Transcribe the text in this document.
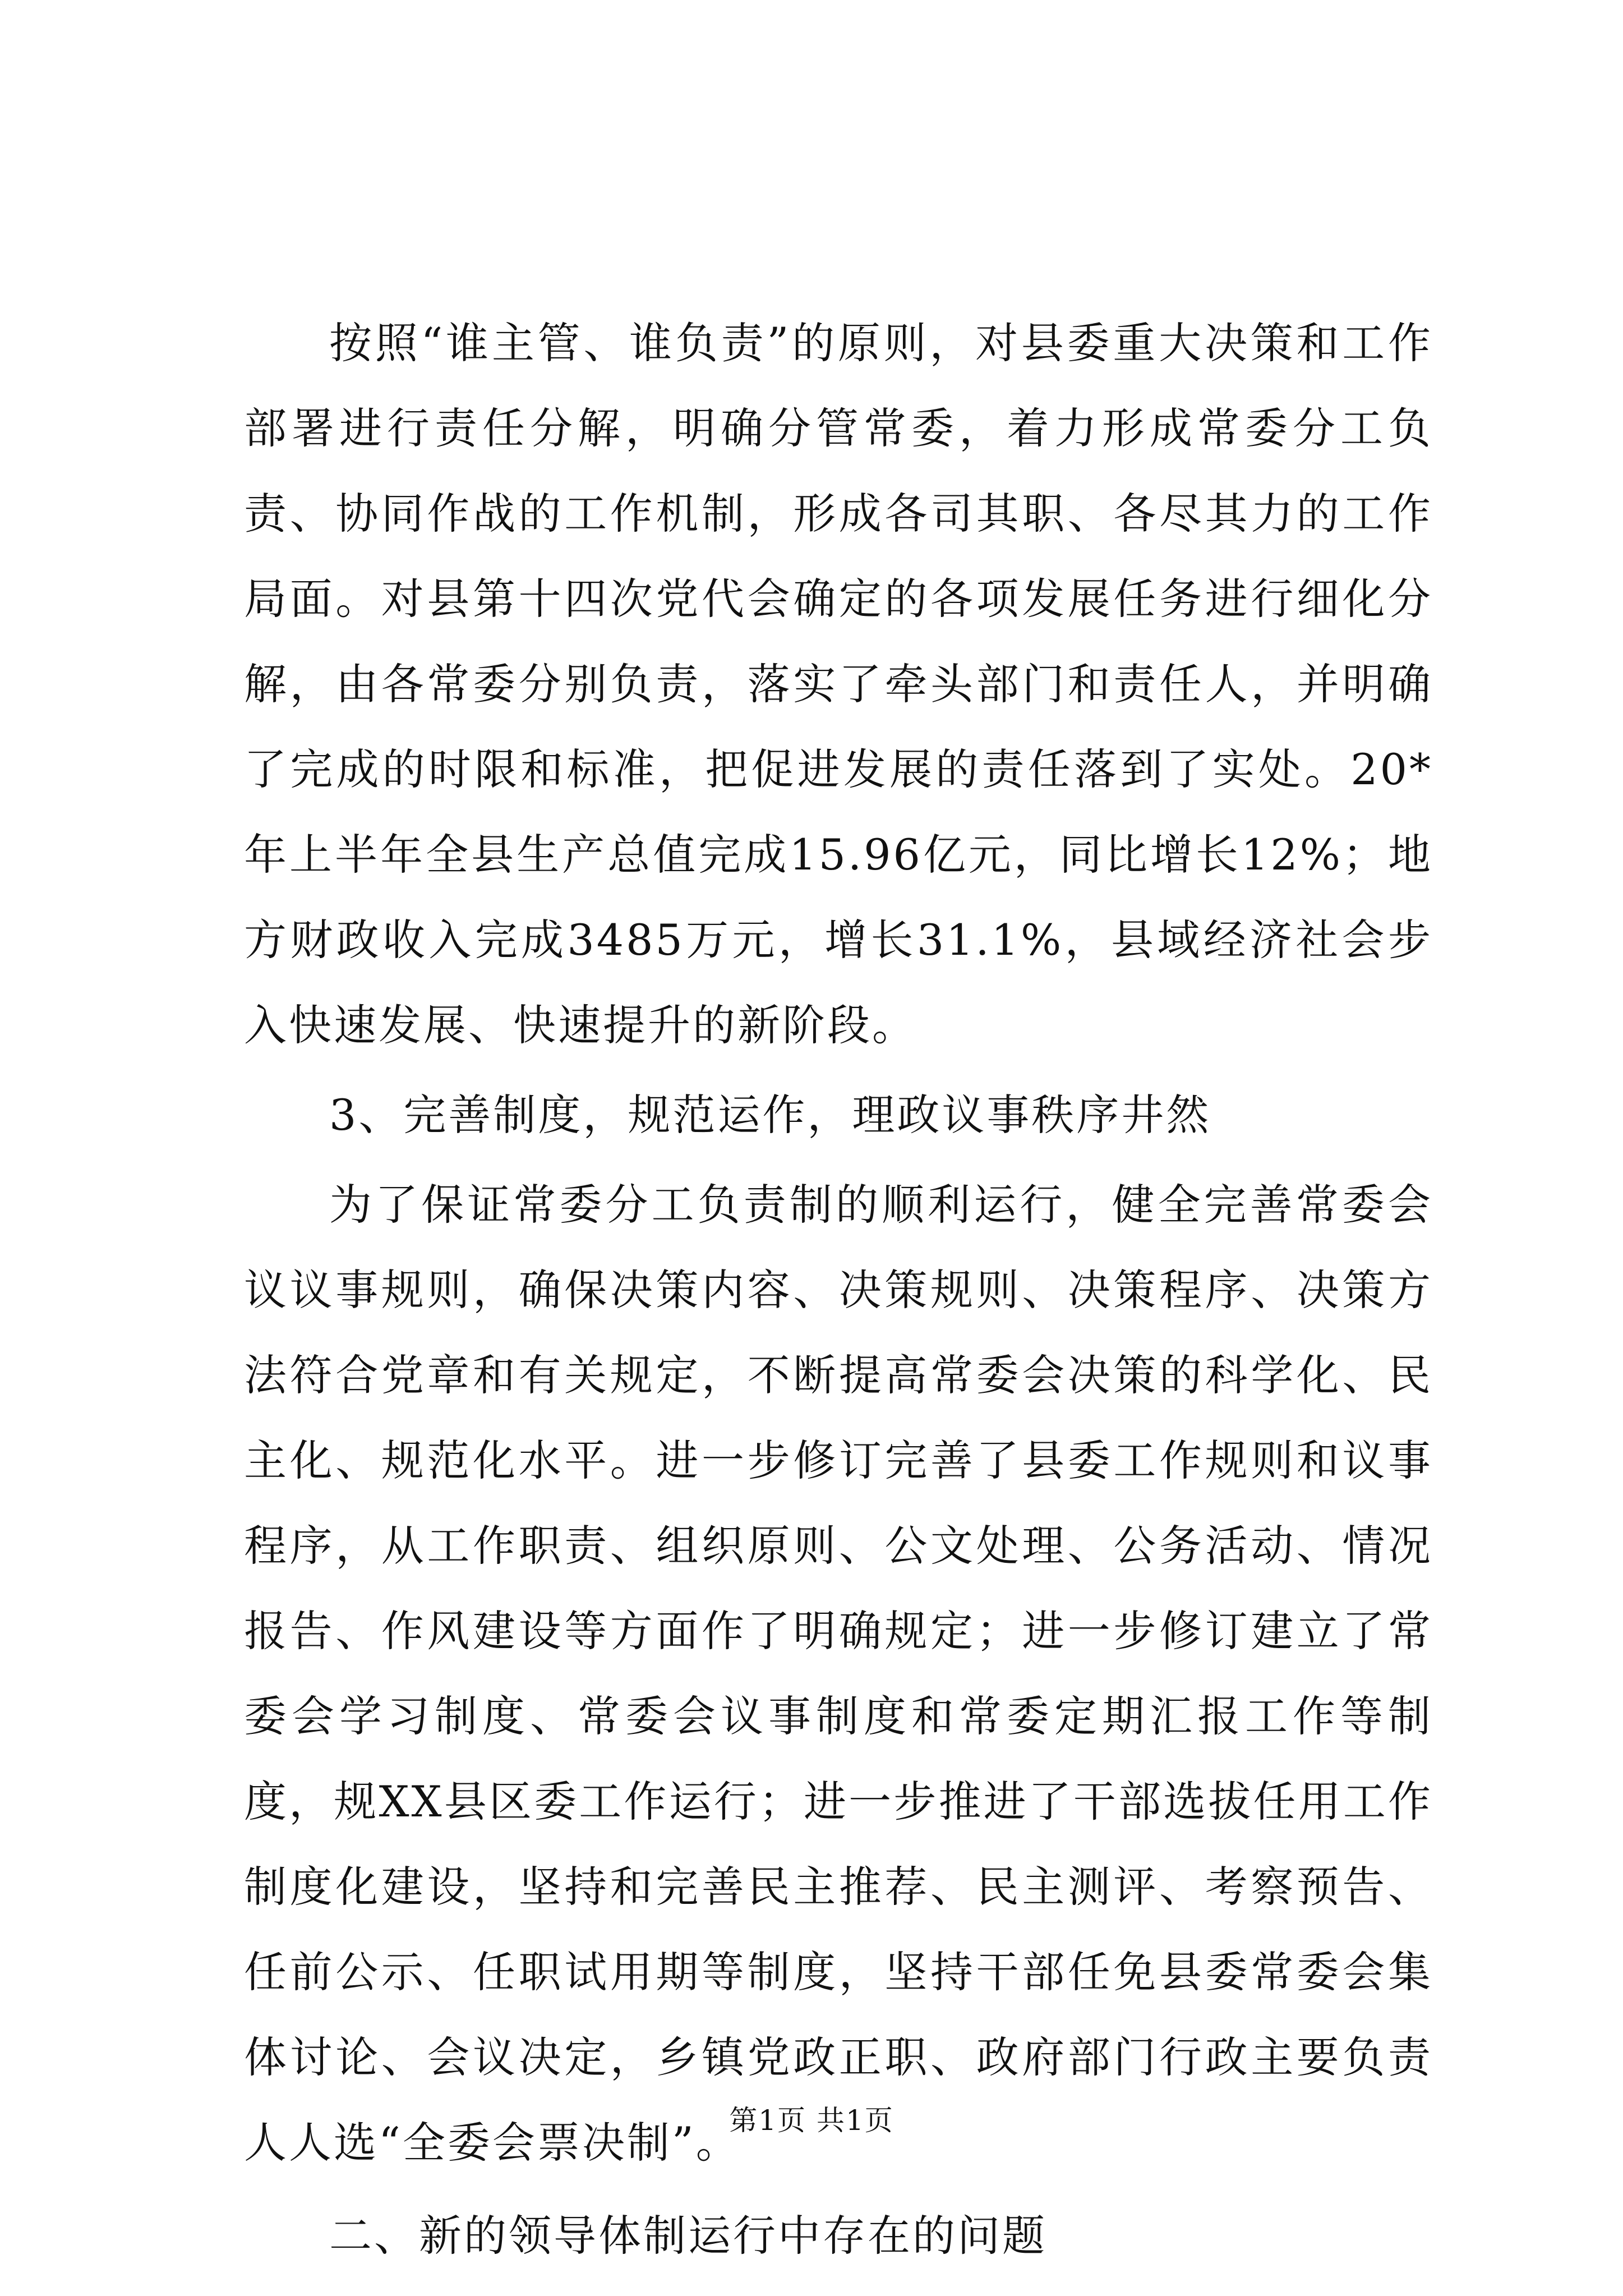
按照“谁主管、谁负责”的原则，对县委重大决策和工作部署进行责任分解，明确分管常委，着力形成常委分工负责、协同作战的工作机制，形成各司其职、各尽其力的工作局面。对县第十四次党代会确定的各项发展任务进行细化分解，由各常委分别负责，落实了牵头部门和责任人，并明确了完成的时限和标准，把促进发展的责任落到了实处。20*年上半年全县生产总值完成15.96亿元，同比增长12%；地方财政收入完成3485万元，增长31.1%，县域经济社会步入快速发展、快速提升的新阶段。

3、完善制度，规范运作，理政议事秩序井然

为了保证常委分工负责制的顺利运行，健全完善常委会议议事规则，确保决策内容、决策规则、决策程序、决策方法符合党章和有关规定，不断提高常委会决策的科学化、民主化、规范化水平。进一步修订完善了县委工作规则和议事程序，从工作职责、组织原则、公文处理、公务活动、情况报告、作风建设等方面作了明确规定；进一步修订建立了常委会学习制度、常委会议事制度和常委定期汇报工作等制度，规XX县区委工作运行；进一步推进了干部选拔任用工作制度化建设，坚持和完善民主推荐、民主测评、考察预告、任前公示、任职试用期等制度，坚持干部任免县委常委会集体讨论、会议决定，乡镇党政正职、政府部门行政主要负责人人选“全委会票决制”。

二、新的领导体制运行中存在的问题

第1页 共1页
